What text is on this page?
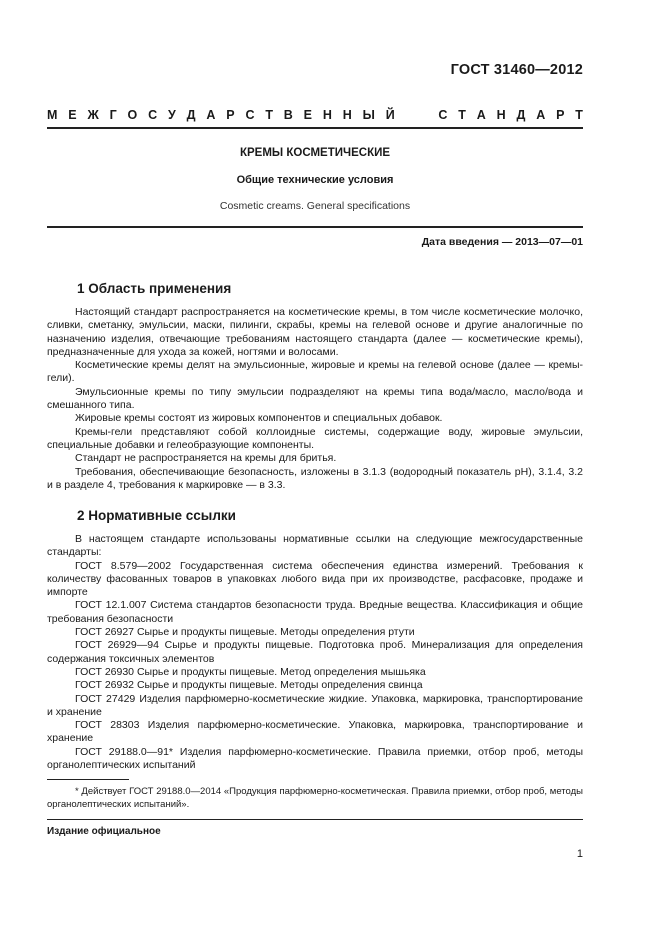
ГОСТ 31460—2012
М Е Ж Г О С У Д А Р С Т В Е Н Н Ы Й	С Т А Н Д А Р Т
КРЕМЫ КОСМЕТИЧЕСКИЕ
Общие технические условия
Cosmetic creams. General specifications
Дата введения — 2013—07—01
1 Область применения

Настоящий стандарт распространяется на косметические кремы, в том числе косметические молочко, сливки, сметанку, эмульсии, маски, пилинги, скрабы, кремы на гелевой основе и другие аналогичные по назначению изделия, отвечающие требованиям настоящего стандарта (далее — косметические кремы), предназначенные для ухода за кожей, ногтями и волосами.

Косметические кремы делят на эмульсионные, жировые и кремы на гелевой основе (далее — кремы-гели).

Эмульсионные кремы по типу эмульсии подразделяют на кремы типа вода/масло, масло/вода и смешанного типа.

Жировые кремы состоят из жировых компонентов и специальных добавок.

Кремы-гели представляют собой коллоидные системы, содержащие воду, жировые эмульсии, специальные добавки и гелеобразующие компоненты.

Стандарт не распространяется на кремы для бритья.

Требования, обеспечивающие безопасность, изложены в 3.1.3 (водородный показатель рН), 3.1.4, 3.2 и в разделе 4, требования к маркировке — в 3.3.

2 Нормативные ссылки

В настоящем стандарте использованы нормативные ссылки на следующие межгосударственные стандарты:

ГОСТ 8.579—2002 Государственная система обеспечения единства измерений. Требования к количеству фасованных товаров в упаковках любого вида при их производстве, расфасовке, продаже и импорте

ГОСТ 12.1.007 Система стандартов безопасности труда. Вредные вещества. Классификация и общие требования безопасности

ГОСТ 26927 Сырье и продукты пищевые. Методы определения ртути

ГОСТ 26929—94 Сырье и продукты пищевые. Подготовка проб. Минерализация для определения содержания токсичных элементов

ГОСТ 26930 Сырье и продукты пищевые. Метод определения мышьяка

ГОСТ 26932 Сырье и продукты пищевые. Методы определения свинца

ГОСТ 27429 Изделия парфюмерно-косметические жидкие. Упаковка, маркировка, транспортирование и хранение

ГОСТ 28303 Изделия парфюмерно-косметические. Упаковка, маркировка, транспортирование и хранение

ГОСТ 29188.0—91* Изделия парфюмерно-косметические. Правила приемки, отбор проб, методы органолептических испытаний

* Действует ГОСТ 29188.0—2014 «Продукция парфюмерно-косметическая. Правила приемки, отбор проб, методы органолептических испытаний».

Издание официальное
1
